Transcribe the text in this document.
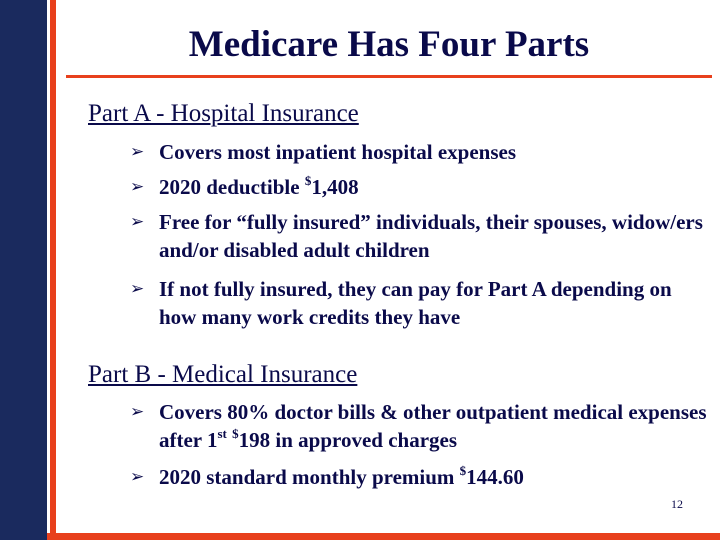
Medicare Has Four Parts
Part A - Hospital Insurance
➢ Covers most inpatient hospital expenses
➢ 2020 deductible $1,408
➢ Free for “fully insured” individuals, their spouses, widow/ers and/or disabled adult children
➢ If not fully insured, they can pay for Part A depending on how many work credits they have
Part B - Medical Insurance
➢ Covers 80% doctor bills & other outpatient medical expenses after 1st $198 in approved charges
➢ 2020 standard monthly premium $144.60
12
